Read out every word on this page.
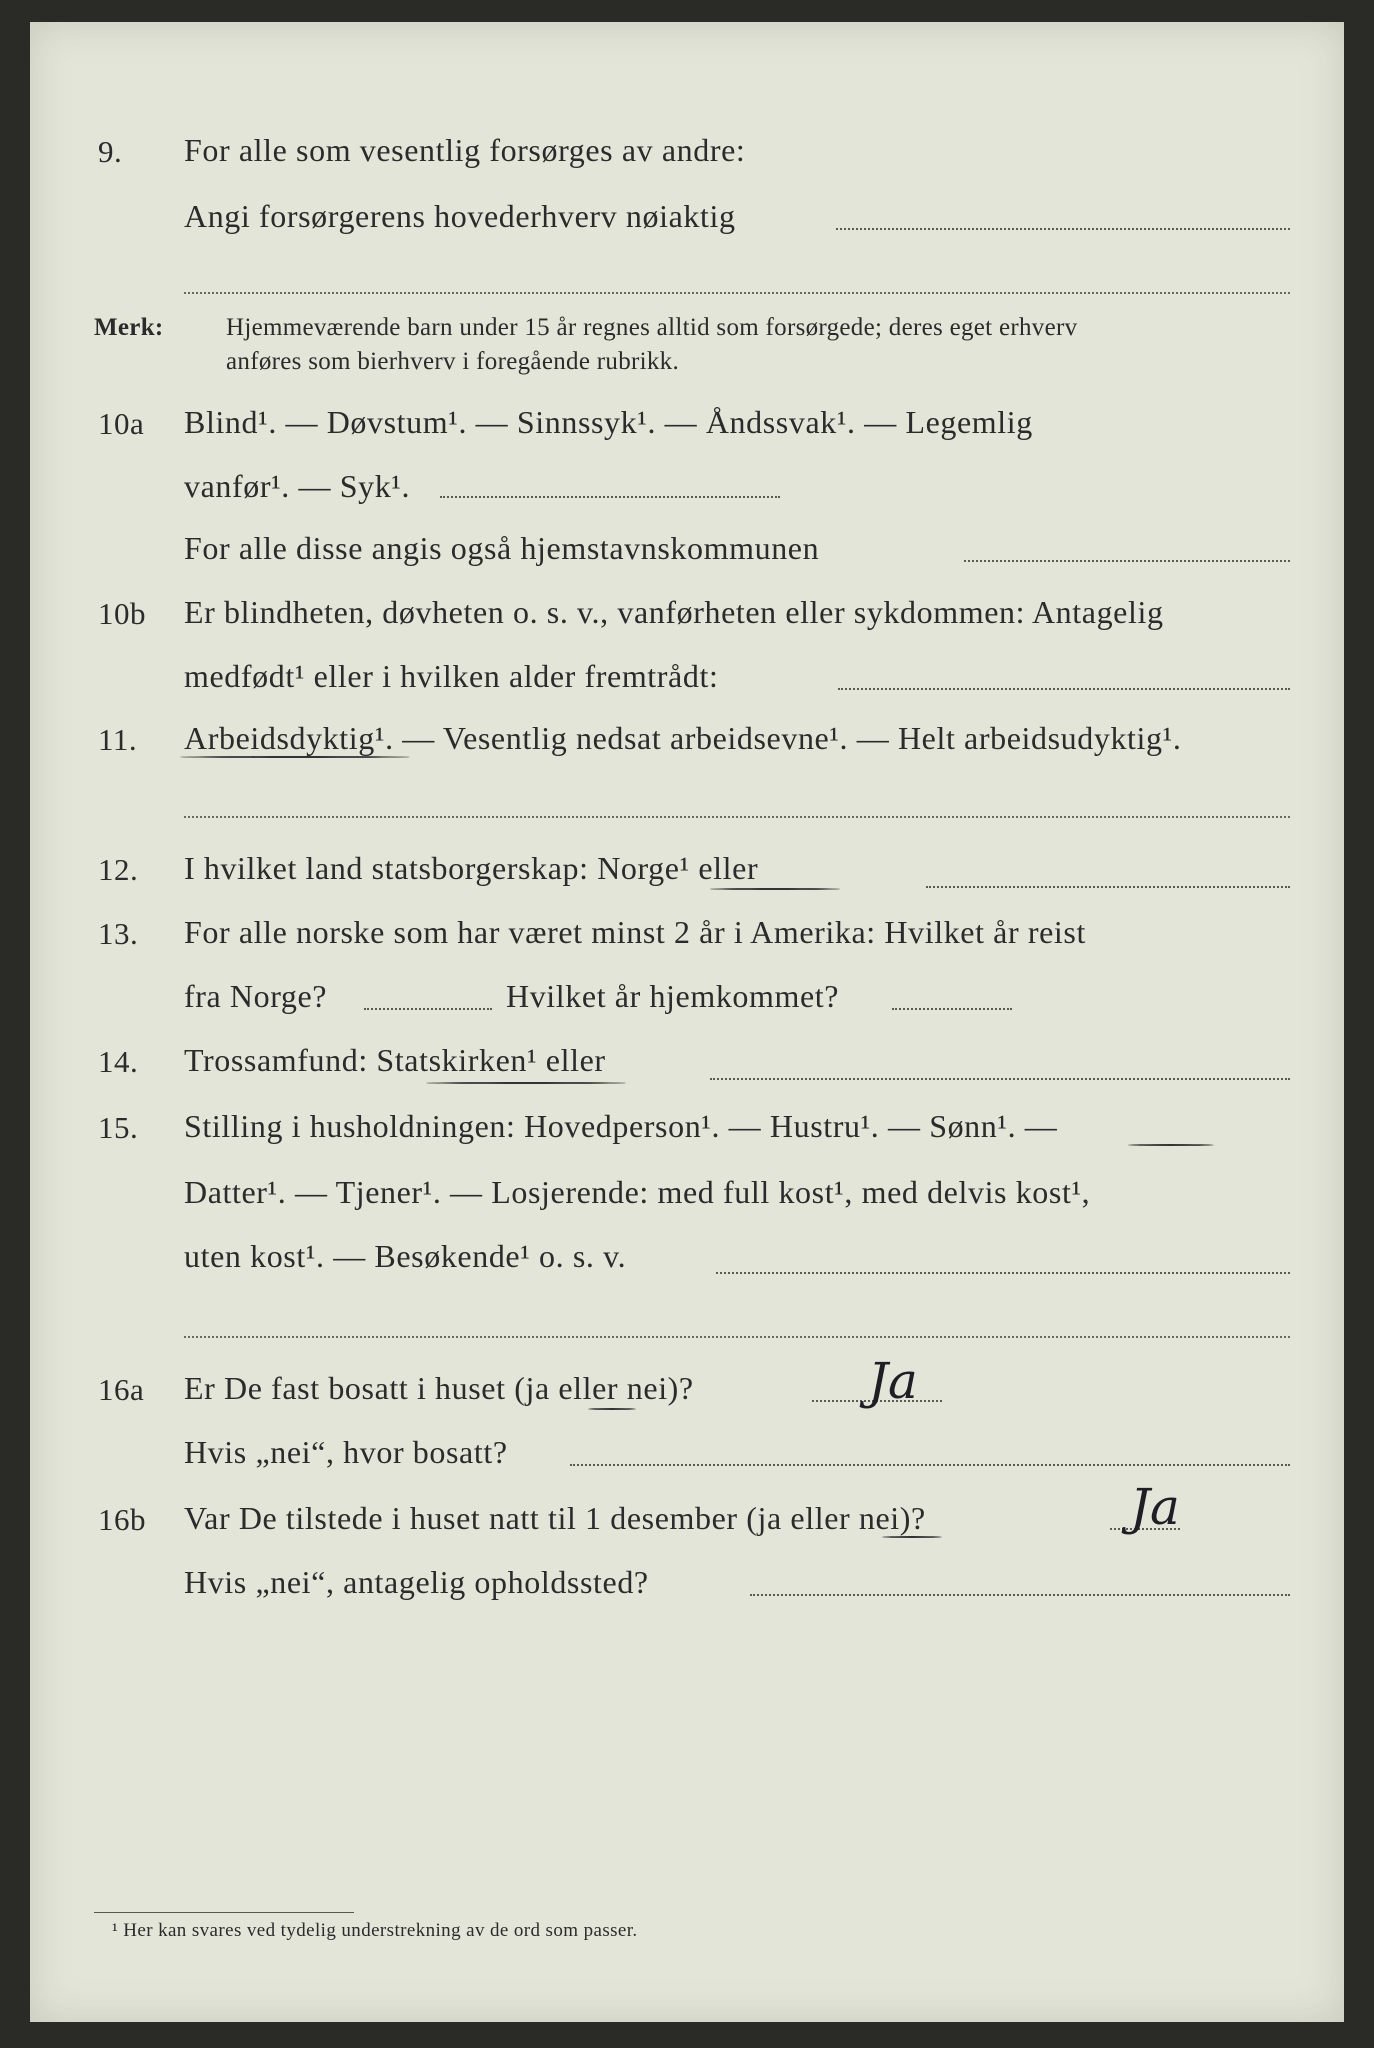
9. For alle som vesentlig forsørges av andre:
Angi forsørgerens hovederhverv nøiaktig
Merk: Hjemmeværende barn under 15 år regnes alltid som forsørgede; deres eget erhverv
anføres som bierhverv i foregående rubrikk.
10a Blind¹. — Døvstum¹. — Sinnssyk¹. — Åndssvak¹. — Legemlig
vanfør¹. — Syk¹.
For alle disse angis også hjemstavnskommunen
10b Er blindheten, døvheten o. s. v., vanførheten eller sykdommen: Antagelig
medfødt¹ eller i hvilken alder fremtrådt:
11. Arbeidsdyktig¹. — Vesentlig nedsat arbeidsevne¹. — Helt arbeidsudyktig¹.
12. I hvilket land statsborgerskap: Norge¹ eller
13. For alle norske som har været minst 2 år i Amerika: Hvilket år reist
fra Norge?	Hvilket år hjemkommet?
14. Trossamfund: Statskirken¹ eller
15. Stilling i husholdningen: Hovedperson¹. — Hustru¹. — Sønn¹. —
Datter¹. — Tjener¹. — Losjerende: med full kost¹, med delvis kost¹,
uten kost¹. — Besøkende¹ o. s. v.
16a Er De fast bosatt i huset (ja eller nei)?	Ja
Hvis „nei“, hvor bosatt?
16b Var De tilstede i huset natt til 1 desember (ja eller nei)?	Ja
Hvis „nei“, antagelig opholdssted?
¹ Her kan svares ved tydelig understrekning av de ord som passer.
